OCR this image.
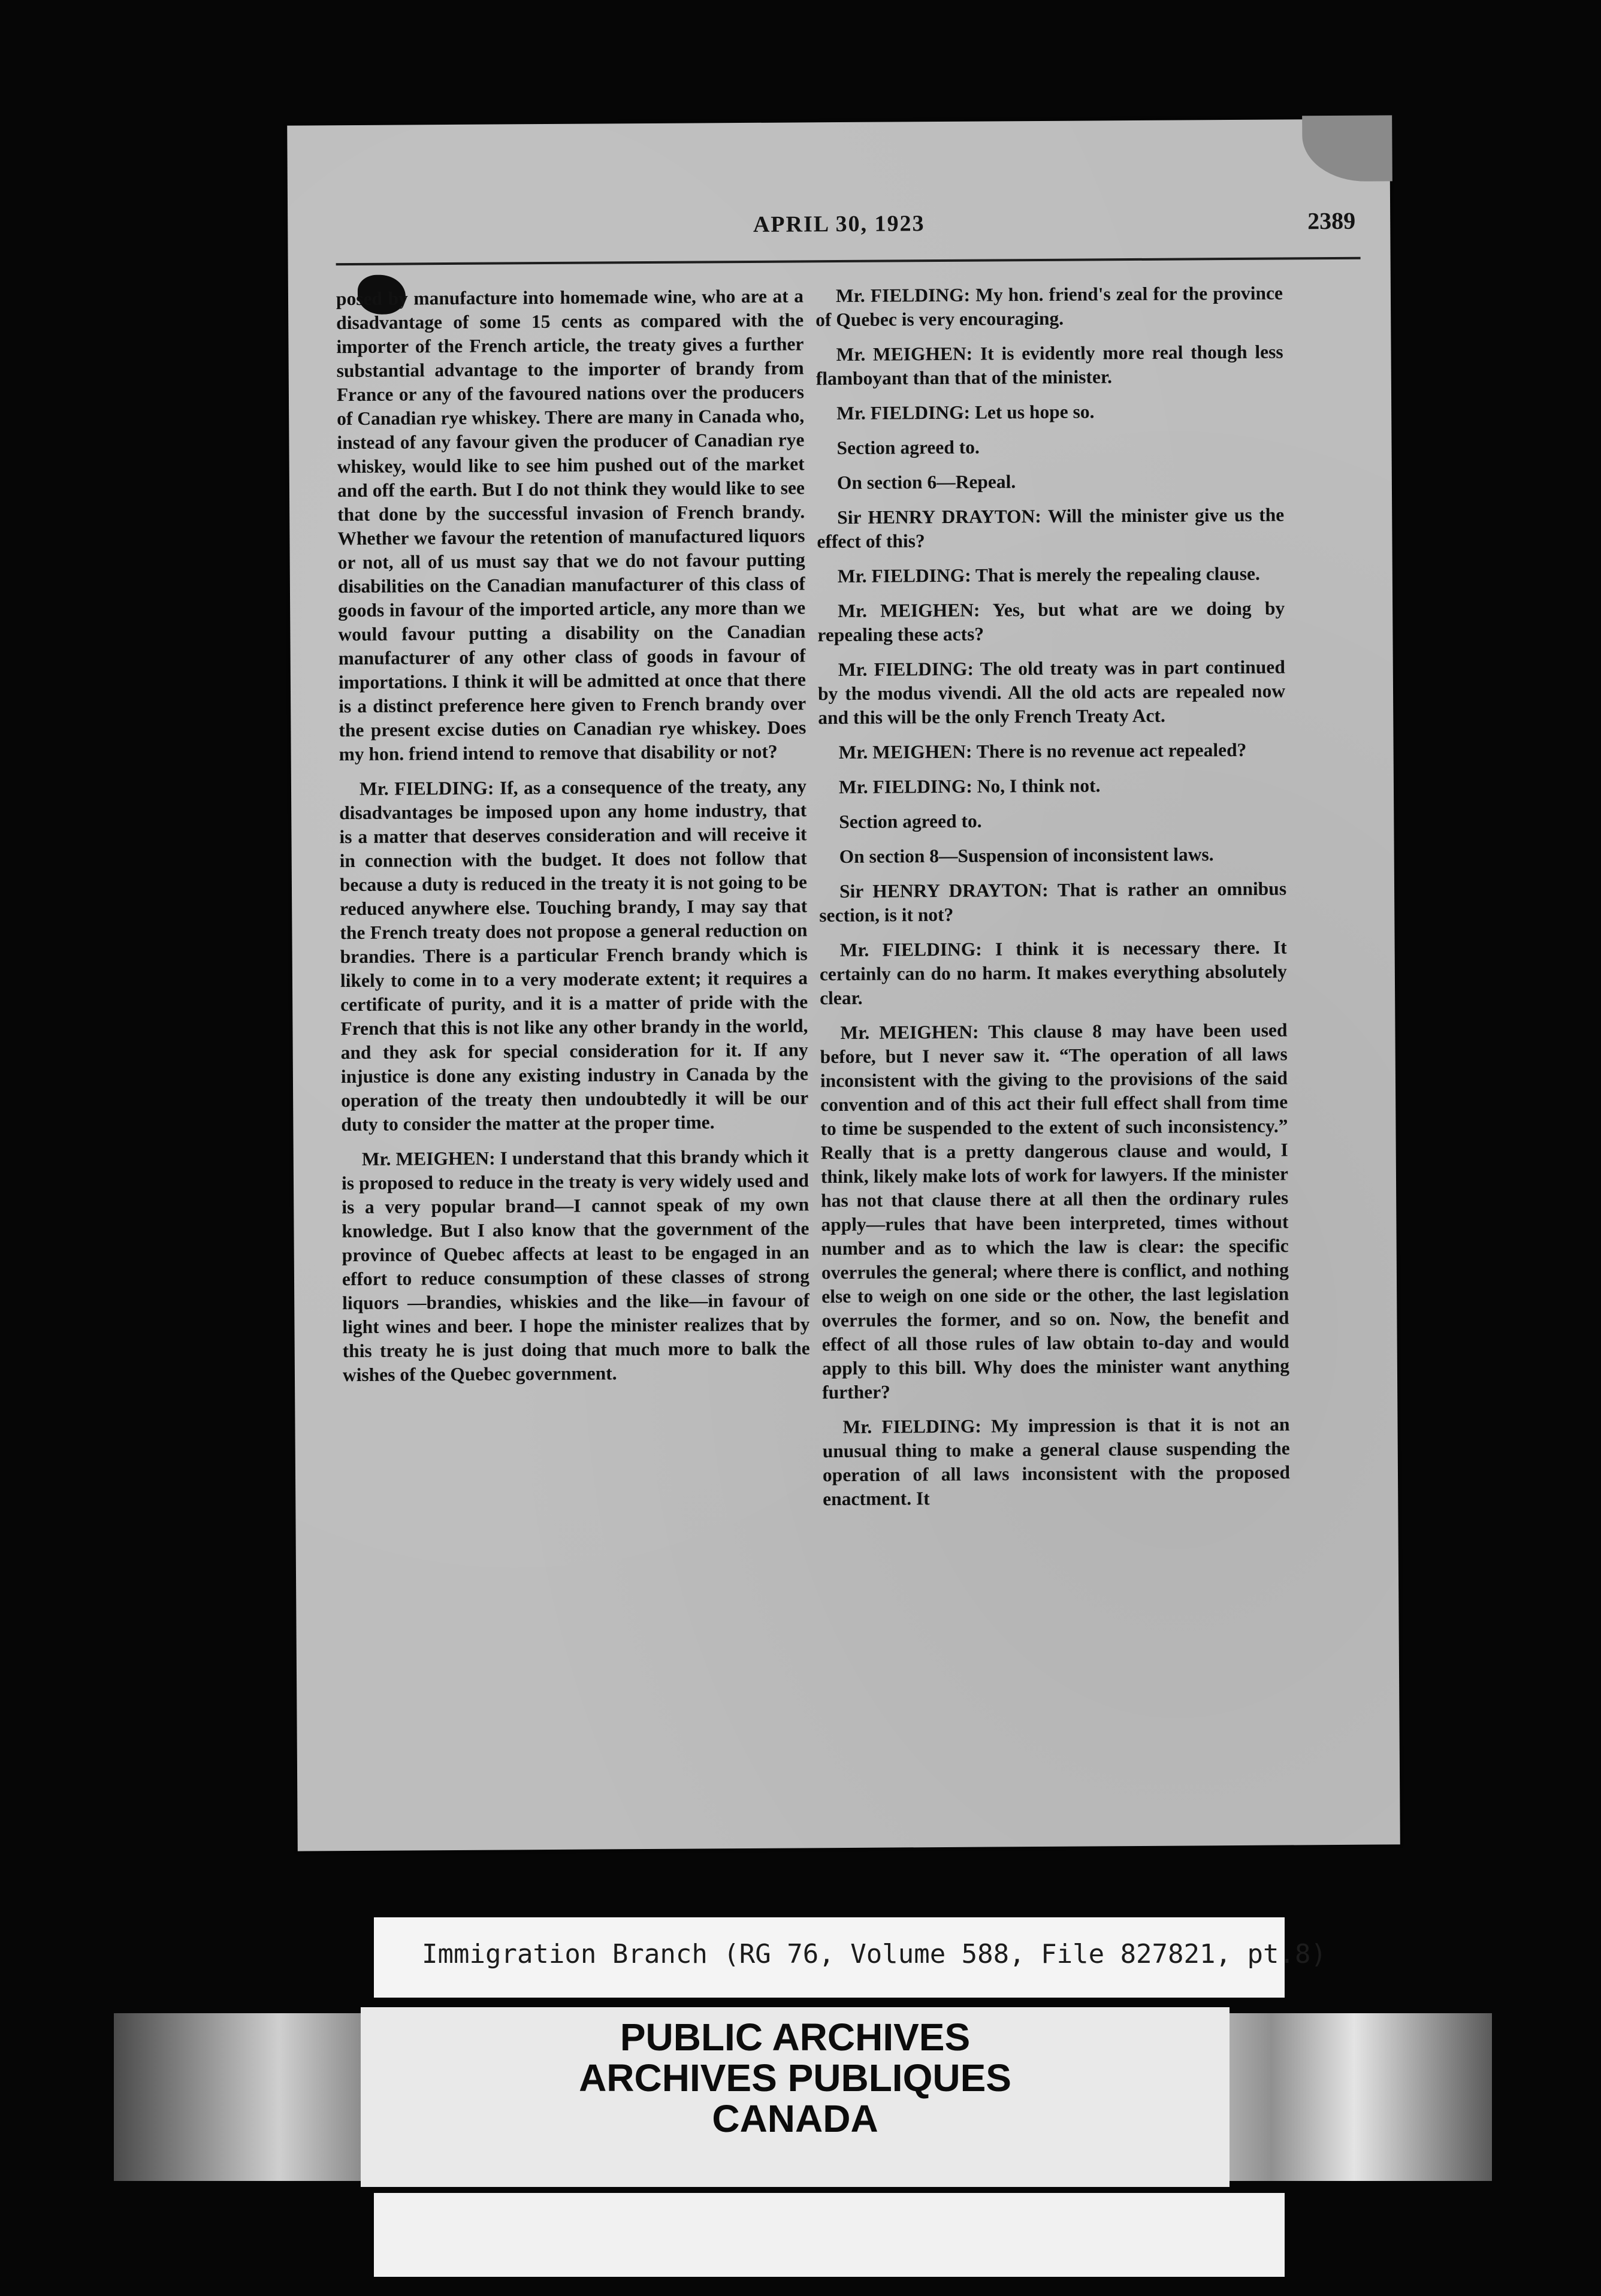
APRIL 30, 1923	2389

posed by manufacture into homemade wine, who are at a disadvantage of some 15 cents as compared with the importer of the French article, the treaty gives a further substantial advantage to the importer of brandy from France or any of the favoured nations over the producers of Canadian rye whiskey. There are many in Canada who, instead of any favour given the producer of Canadian rye whiskey, would like to see him pushed out of the market and off the earth. But I do not think they would like to see that done by the successful invasion of French brandy. Whether we favour the retention of manufactured liquors or not, all of us must say that we do not favour putting disabilities on the Canadian manufacturer of this class of goods in favour of the imported article, any more than we would favour putting a disability on the Canadian manufacturer of any other class of goods in favour of importations. I think it will be admitted at once that there is a distinct preference here given to French brandy over the present excise duties on Canadian rye whiskey. Does my hon. friend intend to remove that disability or not?

Mr. FIELDING: If, as a consequence of the treaty, any disadvantages be imposed upon any home industry, that is a matter that deserves consideration and will receive it in connection with the budget. It does not follow that because a duty is reduced in the treaty it is not going to be reduced anywhere else. Touching brandy, I may say that the French treaty does not propose a general reduction on brandies. There is a particular French brandy which is likely to come in to a very moderate extent; it requires a certificate of purity, and it is a matter of pride with the French that this is not like any other brandy in the world, and they ask for special consideration for it. If any injustice is done any existing industry in Canada by the operation of the treaty then undoubtedly it will be our duty to consider the matter at the proper time.

Mr. MEIGHEN: I understand that this brandy which it is proposed to reduce in the treaty is very widely used and is a very popular brand—I cannot speak of my own knowledge. But I also know that the government of the province of Quebec affects at least to be engaged in an effort to reduce consumption of these classes of strong liquors —brandies, whiskies and the like—in favour of light wines and beer. I hope the minister realizes that by this treaty he is just doing that much more to balk the wishes of the Quebec government.

Mr. FIELDING: My hon. friend's zeal for the province of Quebec is very encouraging.

Mr. MEIGHEN: It is evidently more real though less flamboyant than that of the minister.

Mr. FIELDING: Let us hope so.

Section agreed to.

On section 6—Repeal.

Sir HENRY DRAYTON: Will the minister give us the effect of this?

Mr. FIELDING: That is merely the repealing clause.

Mr. MEIGHEN: Yes, but what are we doing by repealing these acts?

Mr. FIELDING: The old treaty was in part continued by the modus vivendi. All the old acts are repealed now and this will be the only French Treaty Act.

Mr. MEIGHEN: There is no revenue act repealed?

Mr. FIELDING: No, I think not.

Section agreed to.

On section 8—Suspension of inconsistent laws.

Sir HENRY DRAYTON: That is rather an omnibus section, is it not?

Mr. FIELDING: I think it is necessary there. It certainly can do no harm. It makes everything absolutely clear.

Mr. MEIGHEN: This clause 8 may have been used before, but I never saw it. “The operation of all laws inconsistent with the giving to the provisions of the said convention and of this act their full effect shall from time to time be suspended to the extent of such inconsistency.” Really that is a pretty dangerous clause and would, I think, likely make lots of work for lawyers. If the minister has not that clause there at all then the ordinary rules apply—rules that have been interpreted, times without number and as to which the law is clear: the specific overrules the general; where there is conflict, and nothing else to weigh on one side or the other, the last legislation overrules the former, and so on. Now, the benefit and effect of all those rules of law obtain to-day and would apply to this bill. Why does the minister want anything further?

Mr. FIELDING: My impression is that it is not an unusual thing to make a general clause suspending the operation of all laws inconsistent with the proposed enactment. It

Immigration Branch (RG 76, Volume 588, File 827821, pt.8)
PUBLIC ARCHIVES
ARCHIVES PUBLIQUES
CANADA
